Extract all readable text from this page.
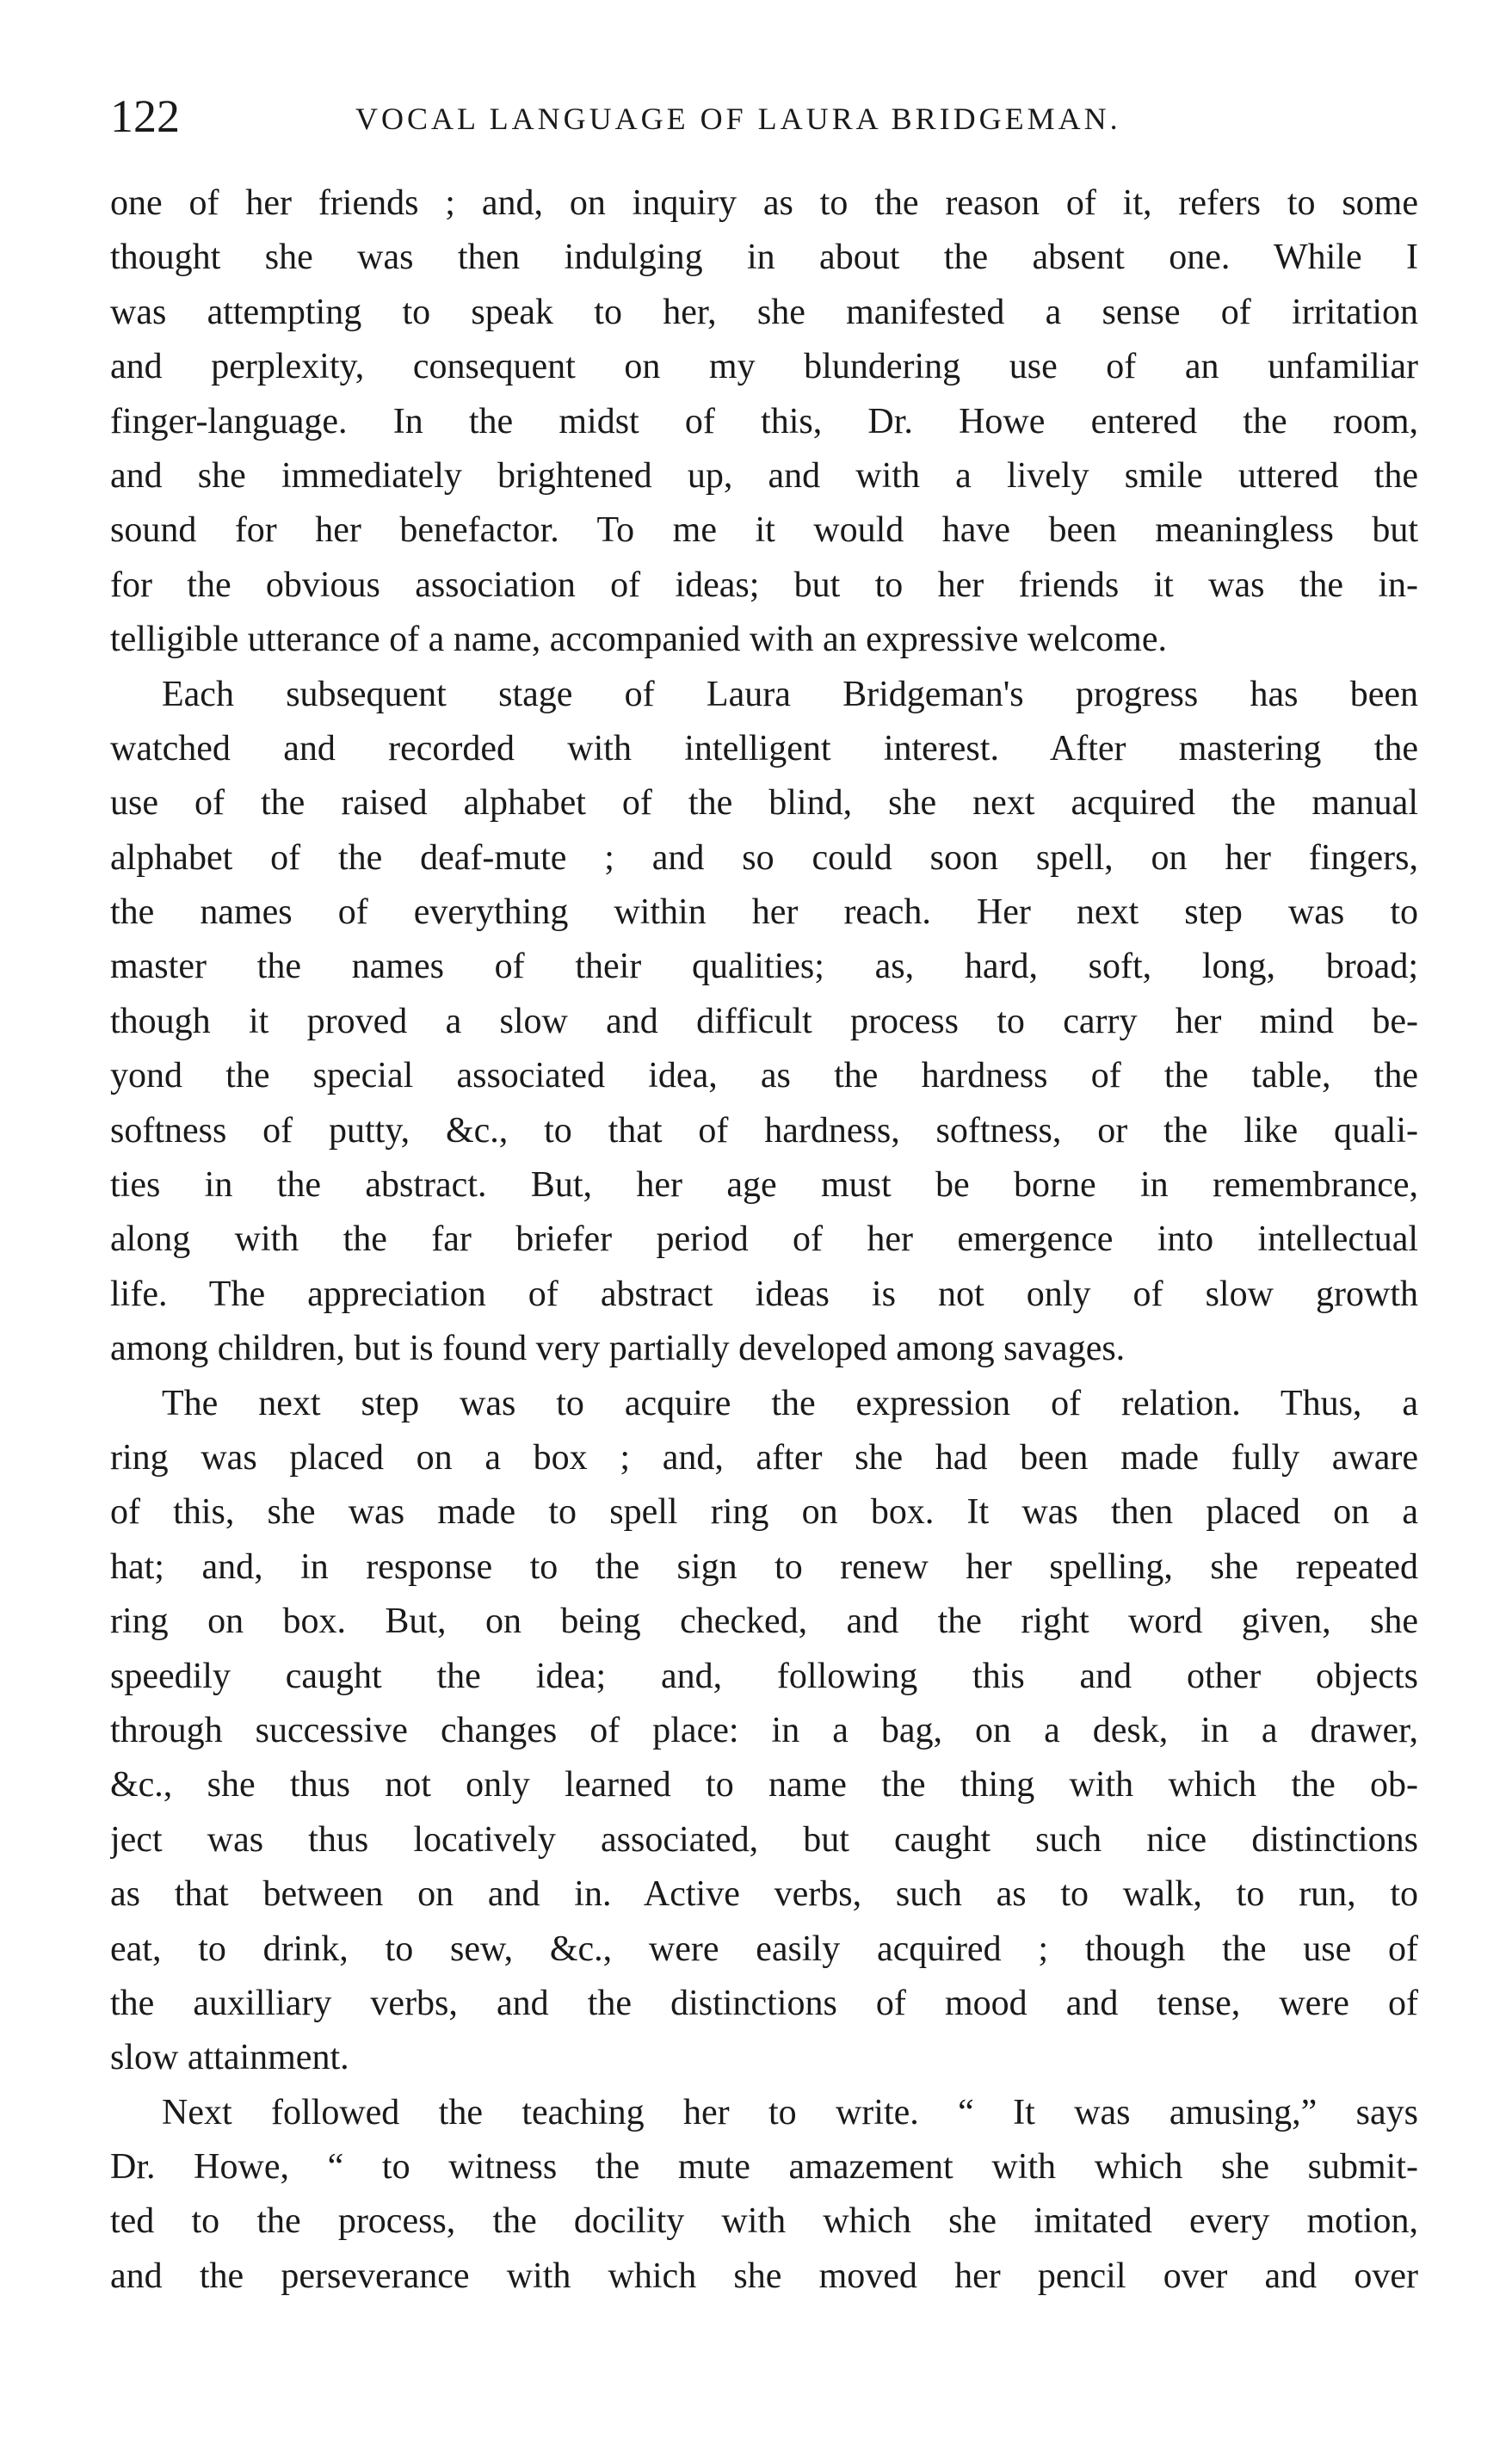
122	VOCAL LANGUAGE OF LAURA BRIDGEMAN.

one of her friends ; and, on inquiry as to the reason of it, refers to some
thought she was then indulging in about the absent one. While I
was attempting to speak to her, she manifested a sense of irritation
and perplexity, consequent on my blundering use of an unfamiliar
finger-language. In the midst of this, Dr. Howe entered the room,
and she immediately brightened up, and with a lively smile uttered the
sound for her benefactor. To me it would have been meaningless but
for the obvious association of ideas; but to her friends it was the in-
telligible utterance of a name, accompanied with an expressive welcome.

Each subsequent stage of Laura Bridgeman's progress has been
watched and recorded with intelligent interest. After mastering the
use of the raised alphabet of the blind, she next acquired the manual
alphabet of the deaf-mute ; and so could soon spell, on her fingers,
the names of everything within her reach. Her next step was to
master the names of their qualities; as, hard, soft, long, broad;
though it proved a slow and difficult process to carry her mind be-
yond the special associated idea, as the hardness of the table, the
softness of putty, &c., to that of hardness, softness, or the like quali-
ties in the abstract. But, her age must be borne in remembrance,
along with the far briefer period of her emergence into intellectual
life. The appreciation of abstract ideas is not only of slow growth
among children, but is found very partially developed among savages.

The next step was to acquire the expression of relation. Thus, a
ring was placed on a box ; and, after she had been made fully aware
of this, she was made to spell ring on box. It was then placed on a
hat; and, in response to the sign to renew her spelling, she repeated
ring on box. But, on being checked, and the right word given, she
speedily caught the idea; and, following this and other objects
through successive changes of place: in a bag, on a desk, in a drawer,
&c., she thus not only learned to name the thing with which the ob-
ject was thus locatively associated, but caught such nice distinctions
as that between on and in. Active verbs, such as to walk, to run, to
eat, to drink, to sew, &c., were easily acquired ; though the use of
the auxilliary verbs, and the distinctions of mood and tense, were of
slow attainment.

Next followed the teaching her to write. “ It was amusing,” says
Dr. Howe, “ to witness the mute amazement with which she submit-
ted to the process, the docility with which she imitated every motion,
and the perseverance with which she moved her pencil over and over
